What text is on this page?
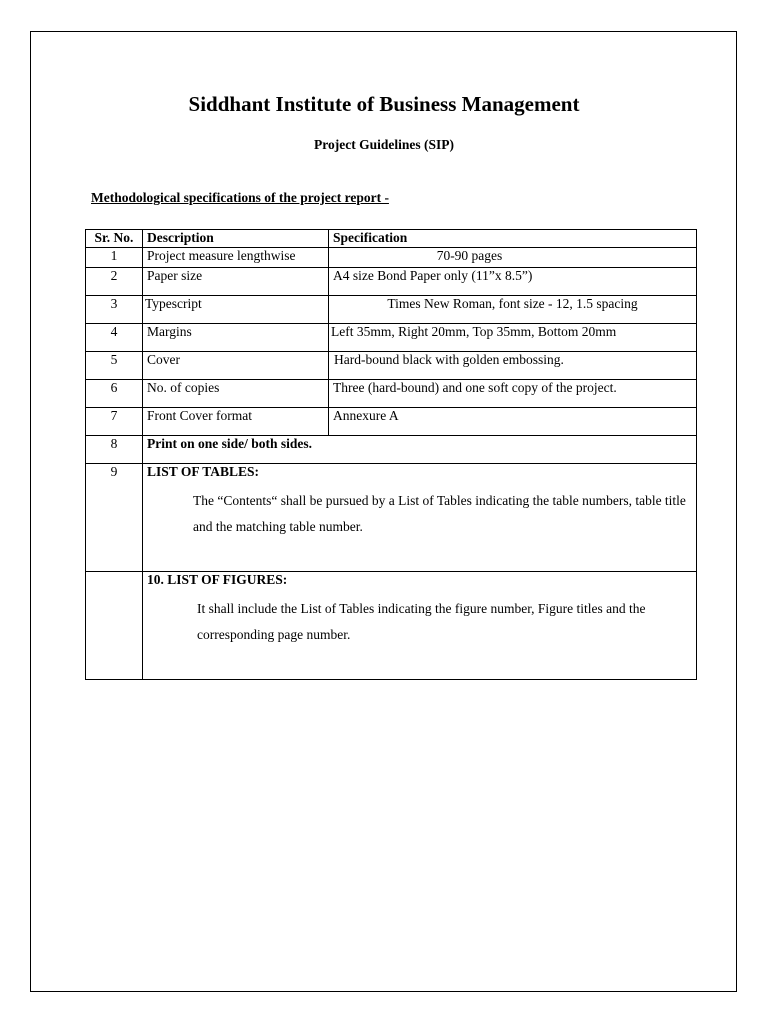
Siddhant Institute of Business Management
Project Guidelines (SIP)
Methodological specifications of the project report -
Sr. No.	Description	Specification
1	Project measure lengthwise	70-90 pages
2	Paper size	A4 size Bond Paper only (11”x 8.5”)
3	Typescript	Times New Roman, font size - 12, 1.5 spacing
4	Margins	Left 35mm, Right 20mm, Top 35mm, Bottom 20mm
5	Cover	Hard-bound black with golden embossing.
6	No. of copies	Three (hard-bound) and one soft copy of the project.
7	Front Cover format	Annexure A
8	Print on one side/ both sides.	
9	LIST OF TABLES:
The “Contents“ shall be pursued by a List of Tables indicating the table numbers, table title and the matching table number.	

	10. LIST OF FIGURES:
It shall include the List of Tables indicating the figure number, Figure titles and the corresponding page number.	
